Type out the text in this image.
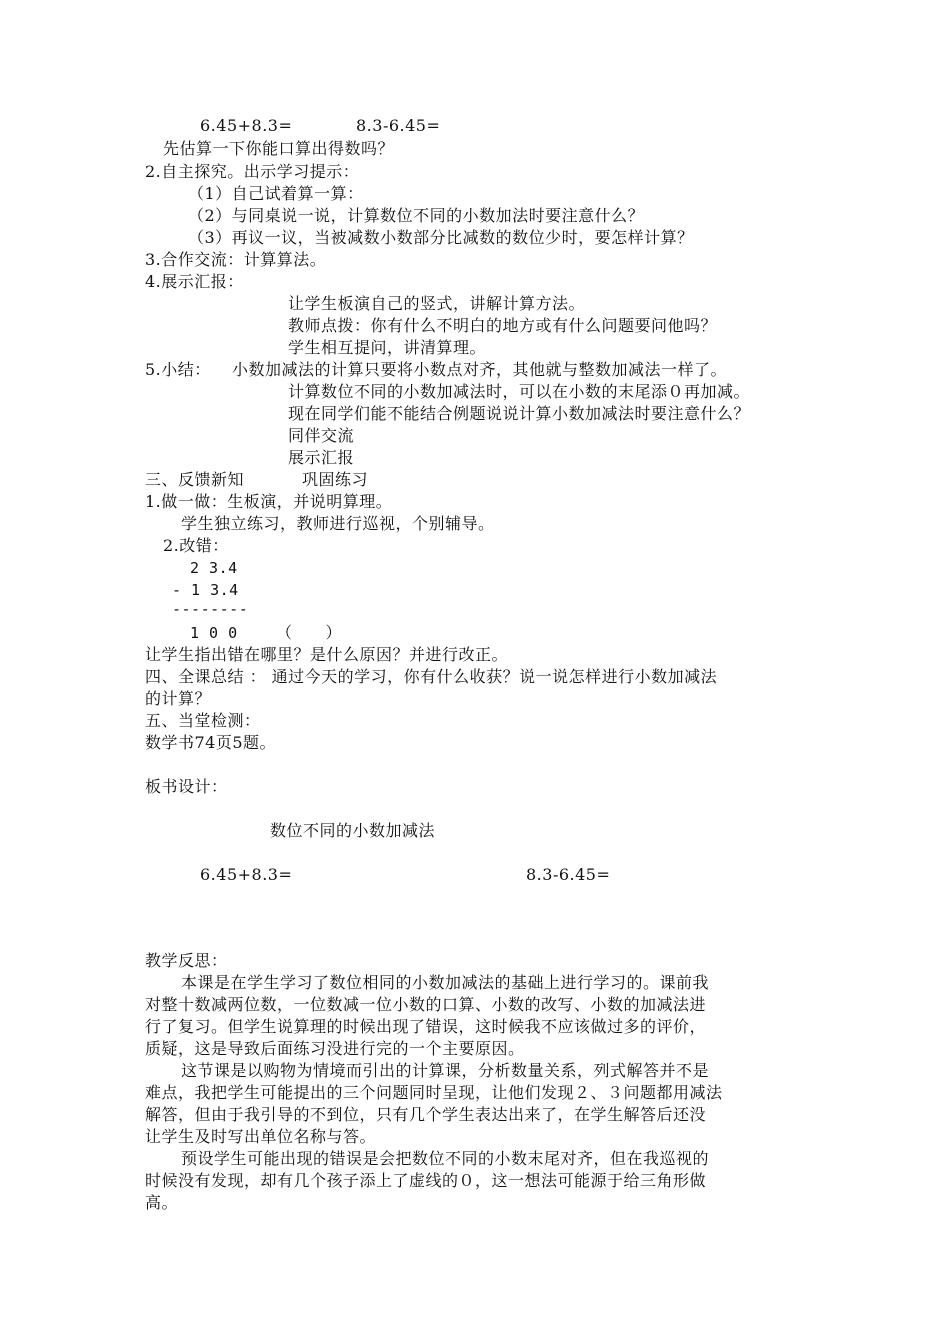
6.45+8.3=	8.3-6.45=
先估算一下你能口算出得数吗？
2.自主探究。出示学习提示：
（1）自己试着算一算：
（2）与同桌说一说，计算数位不同的小数加法时要注意什么？
（3）再议一议，当被减数小数部分比减数的数位少时，要怎样计算？
3.合作交流：计算算法。
4.展示汇报：
让学生板演自己的竖式，讲解计算方法。
教师点拨：你有什么不明白的地方或有什么问题要问他吗？
学生相互提问，讲清算理。
5.小结： 小数加减法的计算只要将小数点对齐，其他就与整数加减法一样了。
计算数位不同的小数加减法时，可以在小数的末尾添０再加减。
现在同学们能不能结合例题说说计算小数加减法时要注意什么？
同伴交流
展示汇报
三、反馈新知	巩固练习
1.做一做：生板演，并说明算理。
学生独立练习，教师进行巡视，个别辅导。
2.改错：
2 3.4
- 1 3.4
--------
1 0 0 （　　）
让学生指出错在哪里？是什么原因？并进行改正。
四、全课总结 ： 通过今天的学习，你有什么收获？说一说怎样进行小数加减法
的计算？
五、当堂检测：
数学书74页5题。
板书设计：
数位不同的小数加减法
6.45+8.3=	8.3-6.45=
教学反思：
本课是在学生学习了数位相同的小数加减法的基础上进行学习的。课前我
对整十数减两位数，一位数减一位小数的口算、小数的改写、小数的加减法进
行了复习。但学生说算理的时候出现了错误，这时候我不应该做过多的评价，
质疑，这是导致后面练习没进行完的一个主要原因。
这节课是以购物为情境而引出的计算课，分析数量关系，列式解答并不是
难点，我把学生可能提出的三个问题同时呈现，让他们发现２、３问题都用减法
解答，但由于我引导的不到位，只有几个学生表达出来了，在学生解答后还没
让学生及时写出单位名称与答。
预设学生可能出现的错误是会把数位不同的小数末尾对齐，但在我巡视的
时候没有发现，却有几个孩子添上了虚线的０，这一想法可能源于给三角形做
高。
